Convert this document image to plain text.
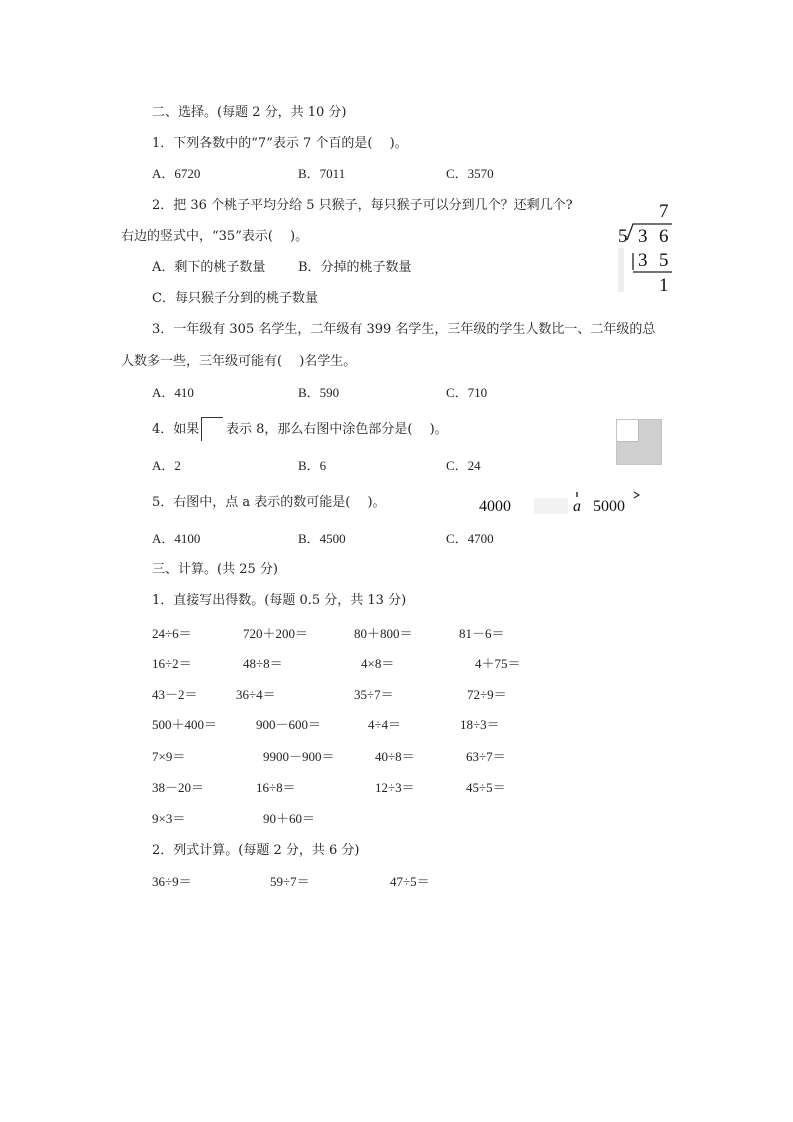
二、选择。(每题 2 分，共 10 分)
1．下列各数中的“7”表示 7 个百的是(　 )。
A．6720	B．7011	C．3570
2．把 36 个桃子平均分给 5 只猴子，每只猴子可以分到几个？还剩几个?
右边的竖式中，“35”表示(　 )。
A．剩下的桃子数量	B．分掉的桃子数量
C．每只猴子分到的桃子数量
7
5 3 6
3 5
1
3．一年级有 305 名学生，二年级有 399 名学生，三年级的学生人数比一、二年级的总
人数多一些，三年级可能有(　 )名学生。
A．410	B．590	C．710
4．如果 表示 8，那么右图中涂色部分是(　 )。
A．2	B．6	C．24
5．右图中，点 a 表示的数可能是(　 )。
A．4100	B．4500	C．4700
4000	a 5000
三、计算。(共 25 分)
1．直接写出得数。(每题 0.5 分，共 13 分)
24÷6＝	720＋200＝	80＋800＝	81－6＝
16÷2＝	48÷8＝	4×8＝	4＋75＝
43－2＝	36÷4＝	35÷7＝	72÷9＝
500＋400＝	900－600＝	4÷4＝	18÷3＝
7×9＝	9900－900＝	40÷8＝	63÷7＝
38－20＝	16÷8＝	12÷3＝	45÷5＝
9×3＝	90＋60＝
2．列式计算。(每题 2 分，共 6 分)
36÷9＝	59÷7＝	47÷5＝
